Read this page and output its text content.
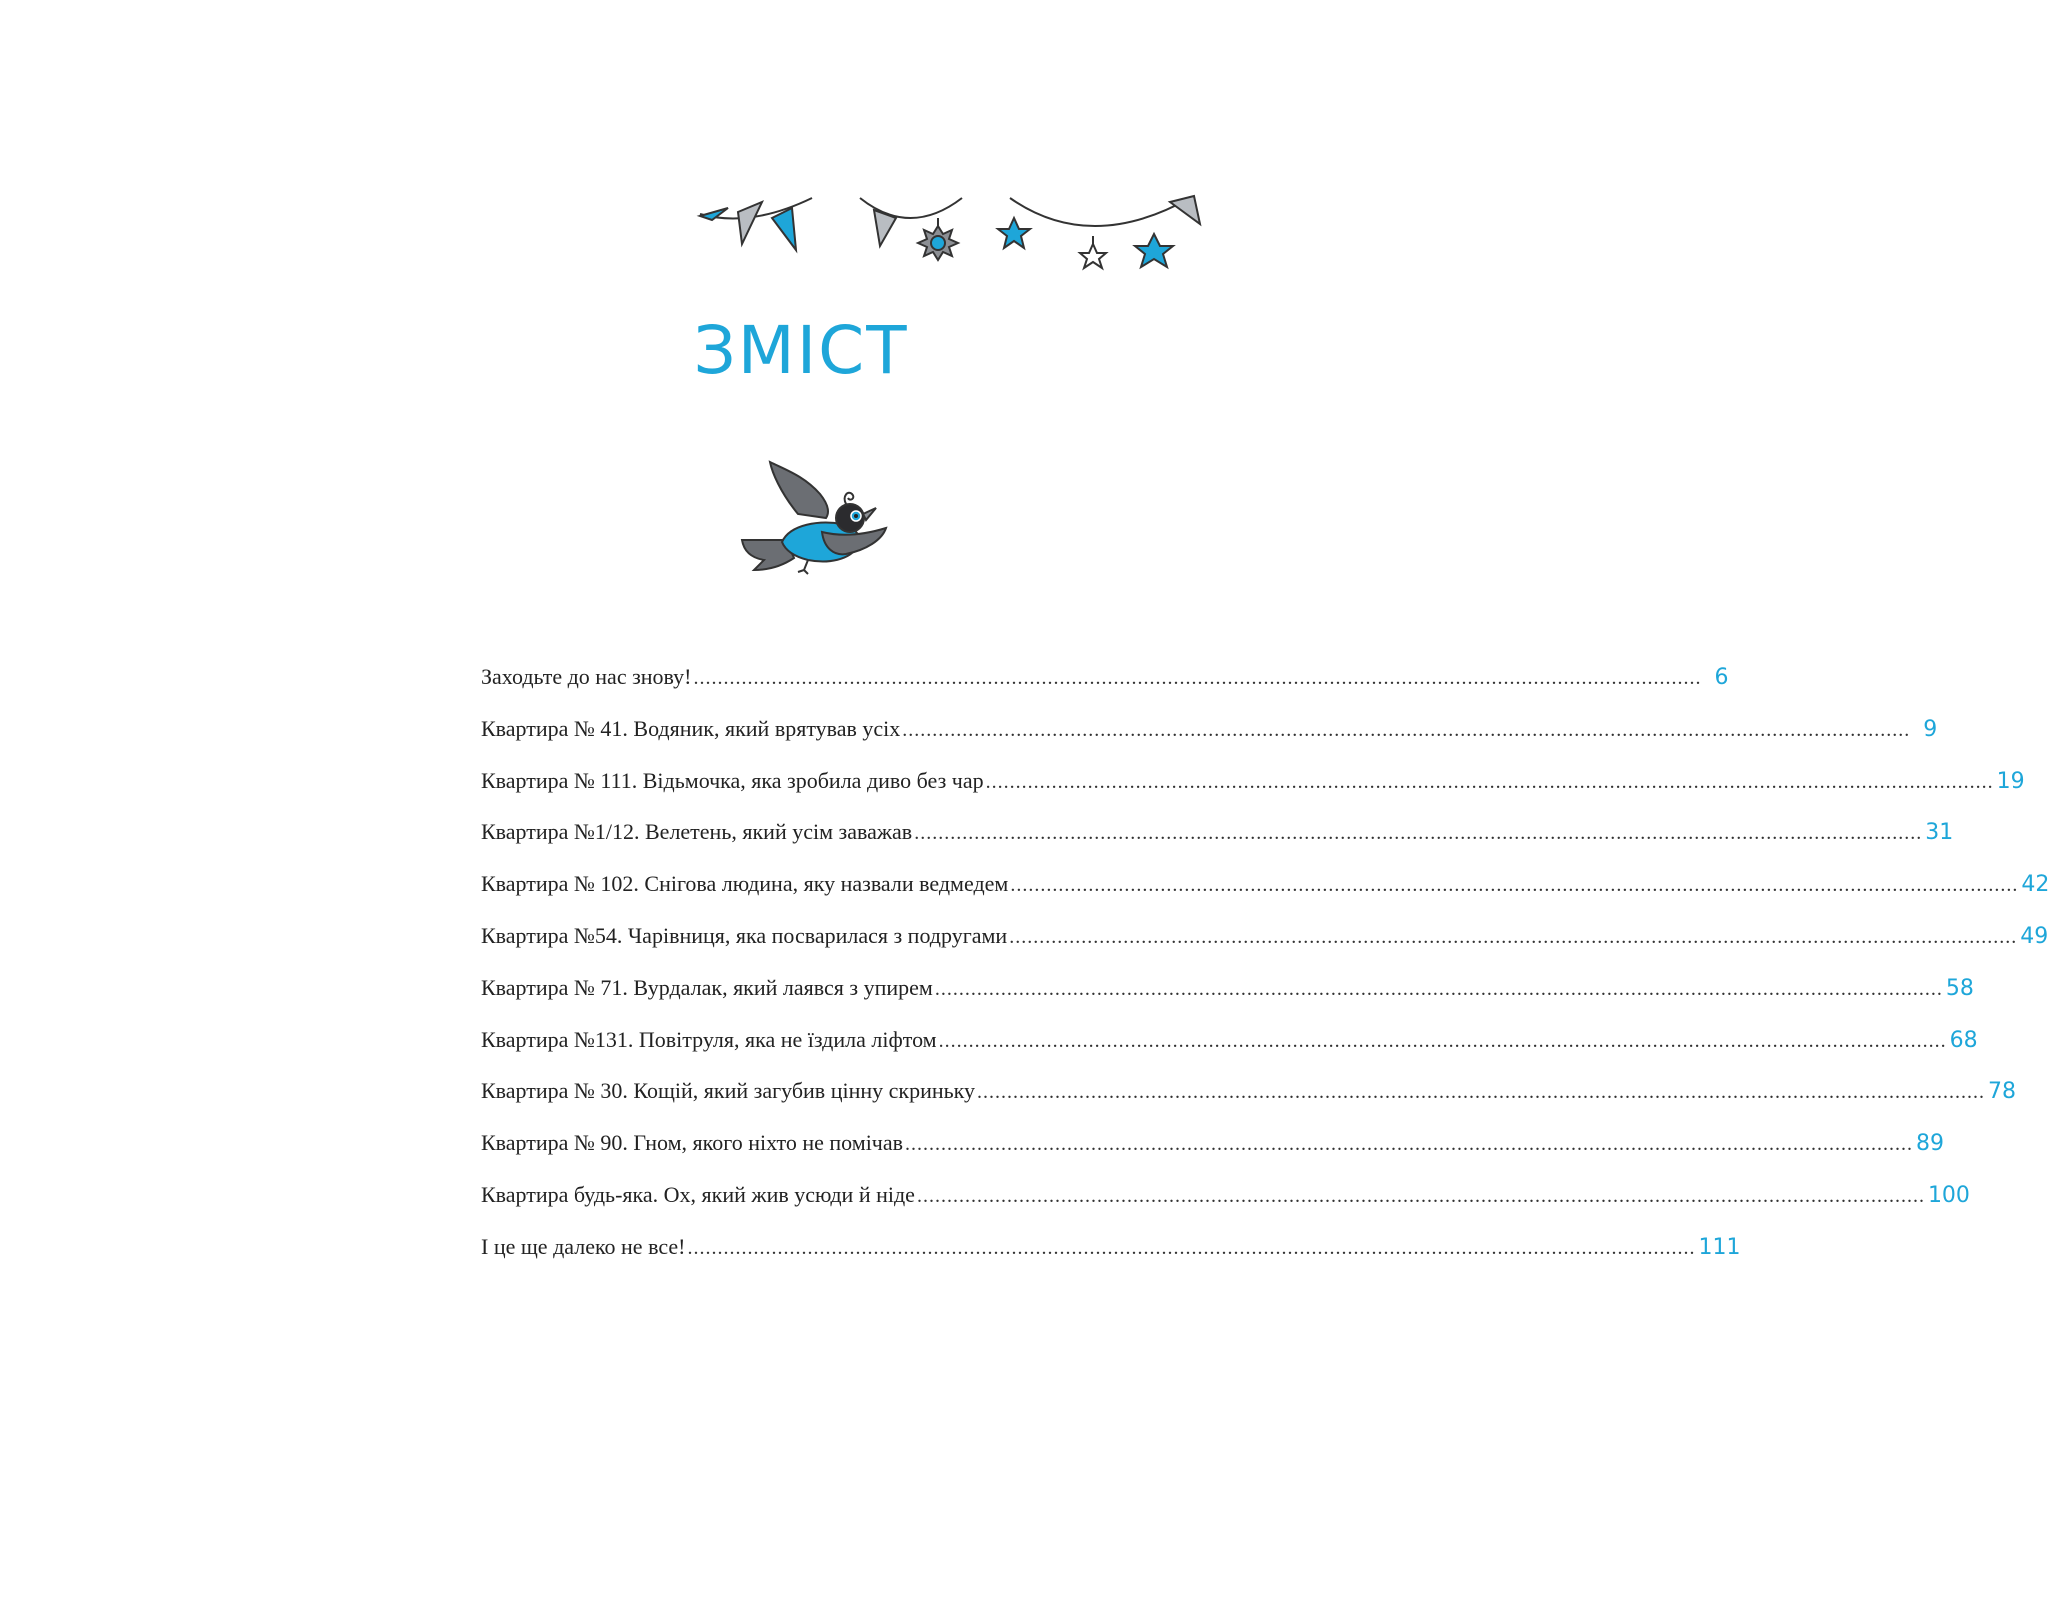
ЗМІСТ
Заходьте до нас знову! ........................................................................................................................................................................ 6
Квартира № 41. Водяник, який врятував усіх ........................................................................................................................................................................ 9
Квартира № 111. Відьмочка, яка зробила диво без чар ........................................................................................................................................................................ 19
Квартира №1/12. Велетень, який усім заважав ........................................................................................................................................................................ 31
Квартира № 102. Снігова людина, яку назвали ведмедем ........................................................................................................................................................................ 42
Квартира №54. Чарівниця, яка посварилася з подругами ........................................................................................................................................................................ 49
Квартира № 71. Вурдалак, який лаявся з упирем ........................................................................................................................................................................ 58
Квартира №131. Повітруля, яка не їздила ліфтом ........................................................................................................................................................................ 68
Квартира № 30. Кощій, який загубив цінну скриньку ........................................................................................................................................................................ 78
Квартира № 90. Гном, якого ніхто не помічав ........................................................................................................................................................................ 89
Квартира будь-яка. Ох, який жив усюди й ніде ........................................................................................................................................................................ 100
І це ще далеко не все! ........................................................................................................................................................................ 111
